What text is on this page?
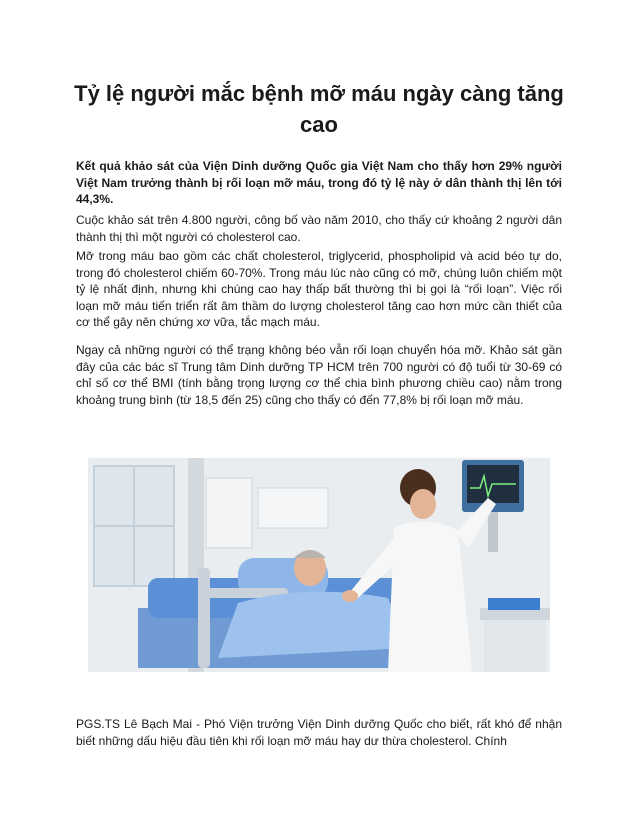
Tỷ lệ người mắc bệnh mỡ máu ngày càng tăng cao

Kết quả khảo sát của Viện Dinh dưỡng Quốc gia Việt Nam cho thấy hơn 29% người Việt Nam trưởng thành bị rối loạn mỡ máu, trong đó tỷ lệ này ở dân thành thị lên tới 44,3%.

Cuộc khảo sát trên 4.800 người, công bố vào năm 2010, cho thấy cứ khoảng 2 người dân thành thị thì một người có cholesterol cao.

Mỡ trong máu bao gồm các chất cholesterol, triglycerid, phospholipid và acid béo tự do, trong đó cholesterol chiếm 60-70%. Trong máu lúc nào cũng có mỡ, chúng luôn chiếm một tỷ lệ nhất định, nhưng khi chúng cao hay thấp bất thường thì bị gọi là “rối loạn”. Việc rối loạn mỡ máu tiến triển rất âm thầm do lượng cholesterol tăng cao hơn mức cần thiết của cơ thể gây nên chứng xơ vữa, tắc mạch máu.

Ngay cả những người có thể trạng không béo vẫn rối loạn chuyển hóa mỡ. Khảo sát gần đây của các bác sĩ Trung tâm Dinh dưỡng TP HCM trên 700 người có độ tuổi từ 30-69 có chỉ số cơ thể BMI (tính bằng trọng lượng cơ thể chia bình phương chiều cao) nằm trong khoảng trung bình (từ 18,5 đến 25) cũng cho thấy có đến 77,8% bị rối loạn mỡ máu.

PGS.TS Lê Bạch Mai - Phó Viện trưởng Viện Dinh dưỡng Quốc cho biết, rất khó để nhận biết những dấu hiệu đầu tiên khi rối loạn mỡ máu hay dư thừa cholesterol. Chính
